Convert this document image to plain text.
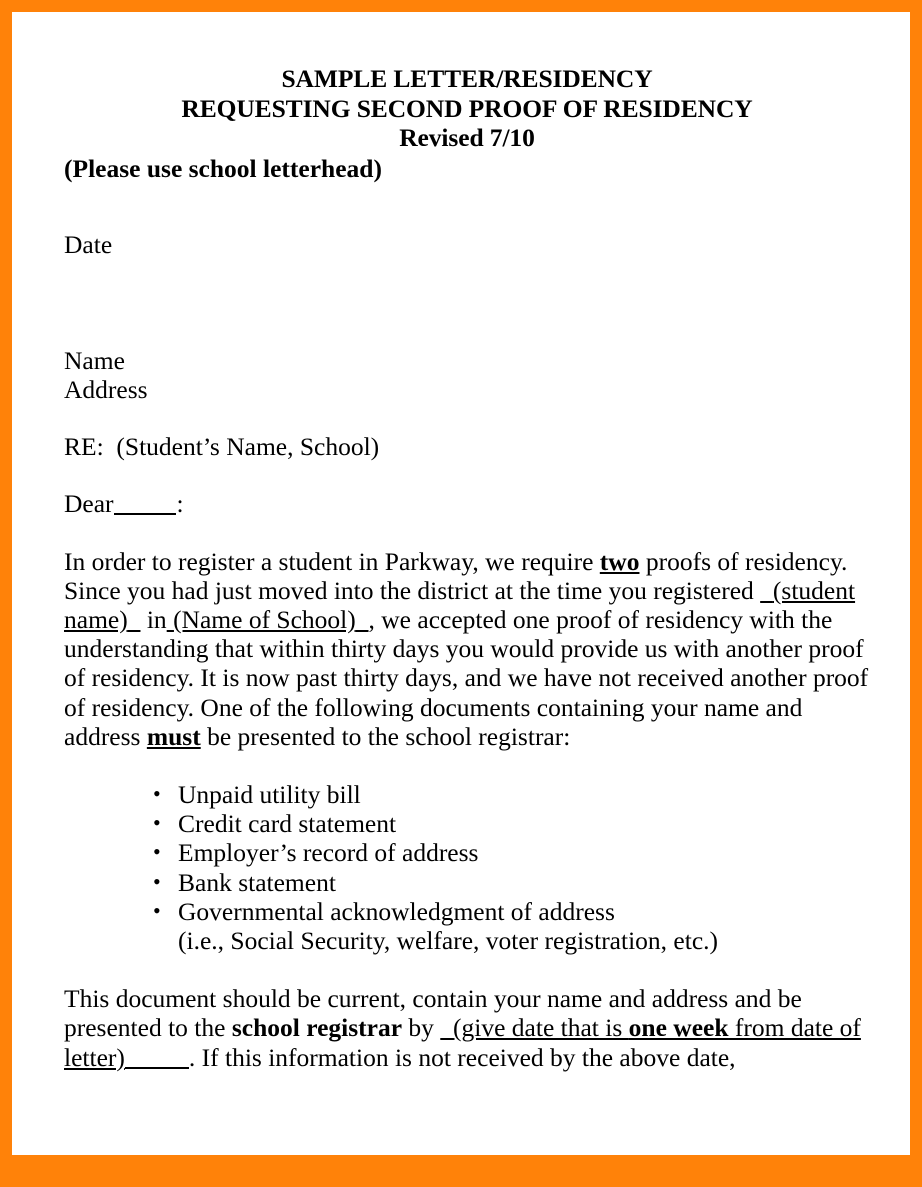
SAMPLE LETTER/RESIDENCY
REQUESTING SECOND PROOF OF RESIDENCY
Revised 7/10
(Please use school letterhead)
Date
Name
Address
RE: (Student’s Name, School)
Dear :

In order to register a student in Parkway, we require two proofs of residency. Since you had just moved into the district at the time you registered   (student name)   in (Name of School) , we accepted one proof of residency with the understanding that within thirty days you would provide us with another proof of residency. It is now past thirty days, and we have not received another proof of residency. One of the following documents containing your name and address must be presented to the school registrar:

• Unpaid utility bill
• Credit card statement
• Employer’s record of address
• Bank statement
• Governmental acknowledgment of address
(i.e., Social Security, welfare, voter registration, etc.)

This document should be current, contain your name and address and be presented to the school registrar by   (give date that is one week from date of letter)	. If this information is not received by the above date,
